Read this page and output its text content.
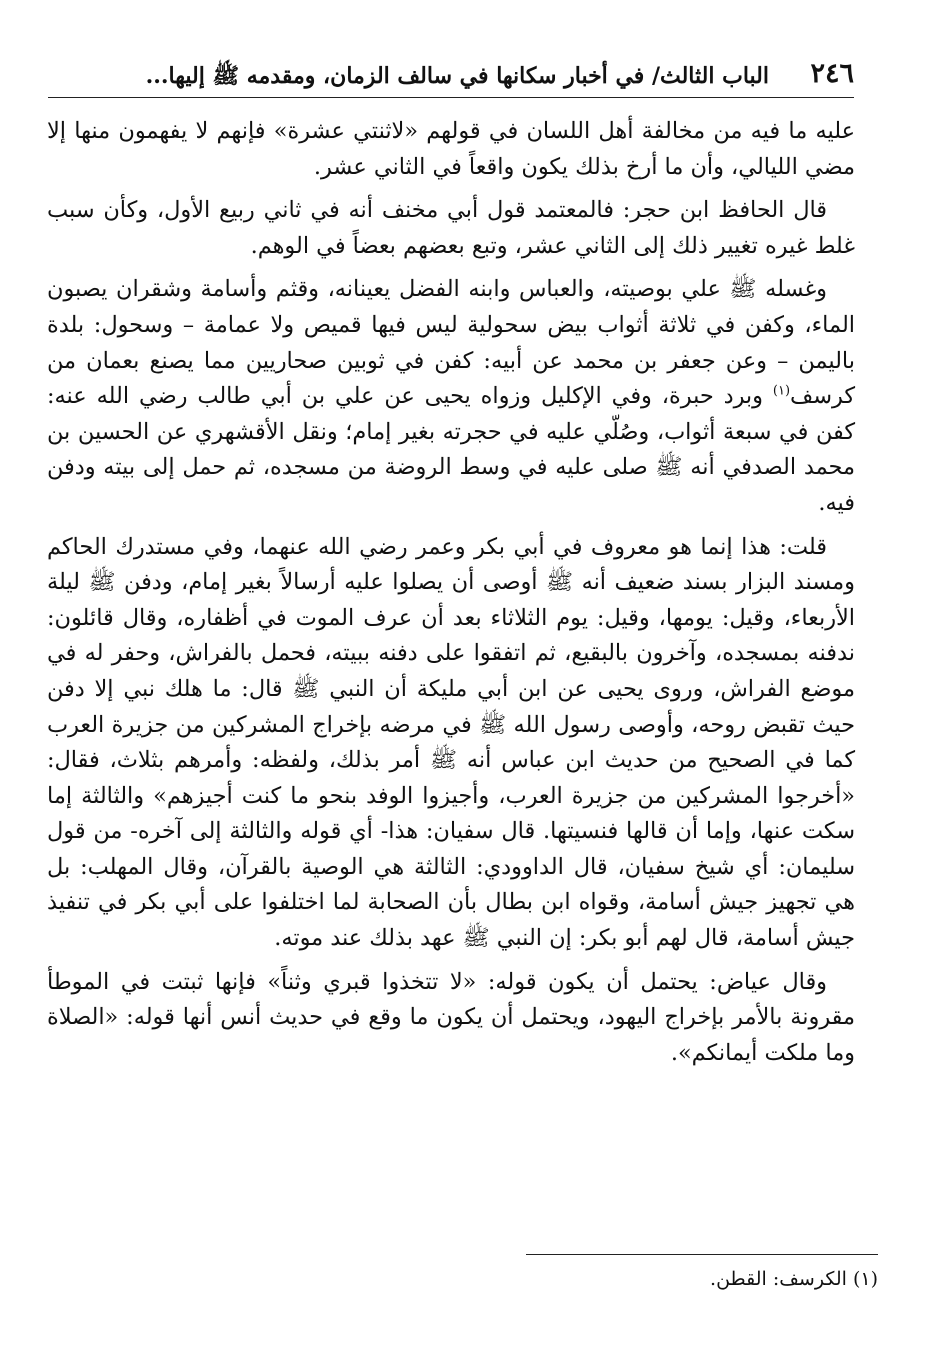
٢٤٦
الباب الثالث/ في أخبار سكانها في سالف الزمان، ومقدمه ﷺ إليها...

عليه ما فيه من مخالفة أهل اللسان في قولهم «لاثنتي عشرة» فإنهم لا يفهمون منها إلا مضي الليالي، وأن ما أرخ بذلك يكون واقعاً في الثاني عشر.

قال الحافظ ابن حجر: فالمعتمد قول أبي مخنف أنه في ثاني ربيع الأول، وكأن سبب غلط غيره تغيير ذلك إلى الثاني عشر، وتبع بعضهم بعضاً في الوهم.

وغسله ﷺ علي بوصيته، والعباس وابنه الفضل يعينانه، وقثم وأسامة وشقران يصبون الماء، وكفن في ثلاثة أثواب بيض سحولية ليس فيها قميص ولا عمامة – وسحول: بلدة باليمن – وعن جعفر بن محمد عن أبيه: كفن في ثوبين صحاريين مما يصنع بعمان من كرسف$^{(١)}$ وبرد حبرة، وفي الإكليل وزواه يحيى عن علي بن أبي طالب رضي الله عنه: كفن في سبعة أثواب، وصُلّي عليه في حجرته بغير إمام؛ ونقل الأقشهري عن الحسين بن محمد الصدفي أنه ﷺ صلى عليه في وسط الروضة من مسجده، ثم حمل إلى بيته ودفن فيه.

قلت: هذا إنما هو معروف في أبي بكر وعمر رضي الله عنهما، وفي مستدرك الحاكم ومسند البزار بسند ضعيف أنه ﷺ أوصى أن يصلوا عليه أرسالاً بغير إمام، ودفن ﷺ ليلة الأربعاء، وقيل: يومها، وقيل: يوم الثلاثاء بعد أن عرف الموت في أظفاره، وقال قائلون: ندفنه بمسجده، وآخرون بالبقيع، ثم اتفقوا على دفنه ببيته، فحمل بالفراش، وحفر له في موضع الفراش، وروى يحيى عن ابن أبي مليكة أن النبي ﷺ قال: ما هلك نبي إلا دفن حيث تقبض روحه، وأوصى رسول الله ﷺ في مرضه بإخراج المشركين من جزيرة العرب كما في الصحيح من حديث ابن عباس أنه ﷺ أمر بذلك، ولفظه: وأمرهم بثلاث، فقال: «أخرجوا المشركين من جزيرة العرب، وأجيزوا الوفد بنحو ما كنت أجيزهم» والثالثة إما سكت عنها، وإما أن قالها فنسيتها. قال سفيان: هذا- أي قوله والثالثة إلى آخره- من قول سليمان: أي شيخ سفيان، قال الداوودي: الثالثة هي الوصية بالقرآن، وقال المهلب: بل هي تجهيز جيش أسامة، وقواه ابن بطال بأن الصحابة لما اختلفوا على أبي بكر في تنفيذ جيش أسامة، قال لهم أبو بكر: إن النبي ﷺ عهد بذلك عند موته.

وقال عياض: يحتمل أن يكون قوله: «لا تتخذوا قبري وثناً» فإنها ثبتت في الموطأ مقرونة بالأمر بإخراج اليهود، ويحتمل أن يكون ما وقع في حديث أنس أنها قوله: «الصلاة وما ملكت أيمانكم».

(١) الكرسف: القطن.
